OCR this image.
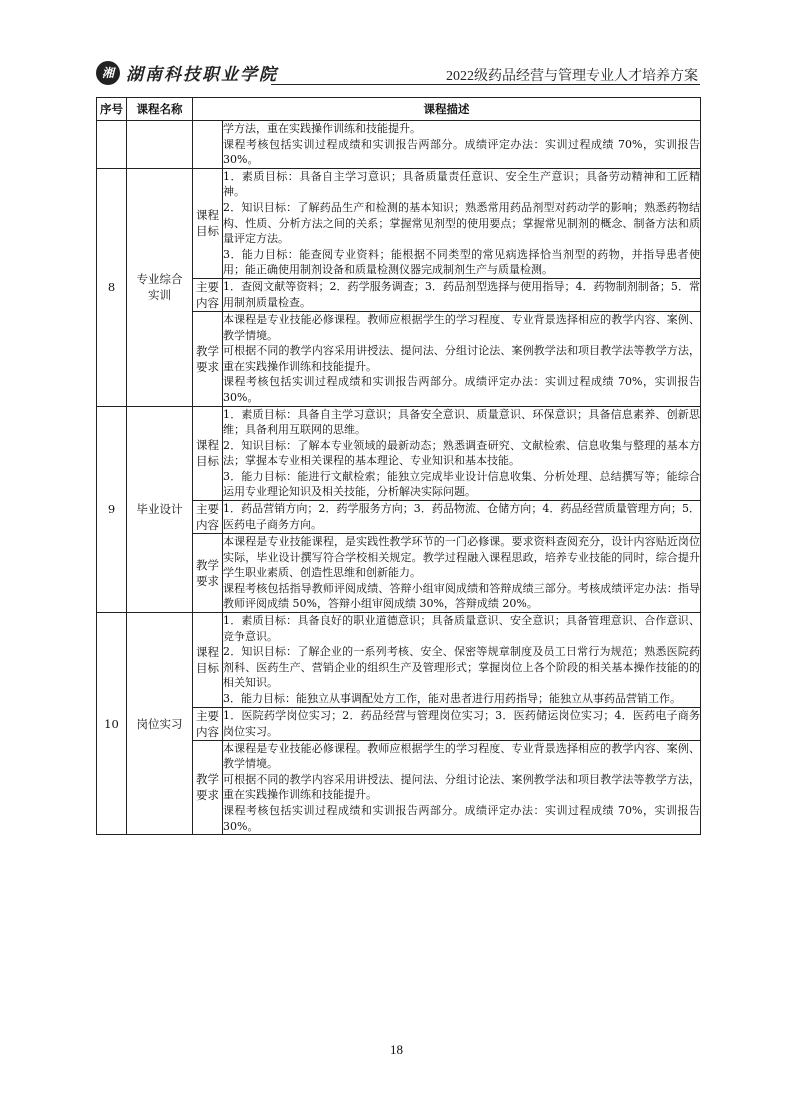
湘 湖南科技职业学院	2022级药品经营与管理专业人才培养方案
序号	课程名称	课程描述	

			学方法，重在实践操作训练和技能提升。

课程考核包括实训过程成绩和实训报告两部分。成绩评定办法：实训过程成绩 70%，实训报告 30%。

8	专业综合实训	课程目标	1．素质目标：具备自主学习意识；具备质量责任意识、安全生产意识；具备劳动精神和工匠精神。

2．知识目标：了解药品生产和检测的基本知识；熟悉常用药品剂型对药动学的影响；熟悉药物结构、性质、分析方法之间的关系；掌握常见剂型的使用要点；掌握常见制剂的概念、制备方法和质量评定方法。

3．能力目标：能查阅专业资料；能根据不同类型的常见病选择恰当剂型的药物，并指导患者使用；能正确使用制剂设备和质量检测仪器完成制剂生产与质量检测。

		主要内容	1．查阅文献等资料；2．药学服务调查；3．药品剂型选择与使用指导；4．药物制剂制备；5．常用制剂质量检查。

		教学要求	本课程是专业技能必修课程。教师应根据学生的学习程度、专业背景选择相应的教学内容、案例、教学情境。

可根据不同的教学内容采用讲授法、提问法、分组讨论法、案例教学法和项目教学法等教学方法，重在实践操作训练和技能提升。

课程考核包括实训过程成绩和实训报告两部分。成绩评定办法：实训过程成绩 70%，实训报告 30%。

9	毕业设计	课程目标	1．素质目标：具备自主学习意识；具备安全意识、质量意识、环保意识；具备信息素养、创新思维；具备利用互联网的思维。

2．知识目标：了解本专业领域的最新动态；熟悉调查研究、文献检索、信息收集与整理的基本方法；掌握本专业相关课程的基本理论、专业知识和基本技能。

3．能力目标：能进行文献检索；能独立完成毕业设计信息收集、分析处理、总结撰写等；能综合运用专业理论知识及相关技能，分析解决实际问题。

		主要内容	1．药品营销方向；2．药学服务方向；3．药品物流、仓储方向；4．药品经营质量管理方向；5．医药电子商务方向。

		教学要求	本课程是专业技能课程，是实践性教学环节的一门必修课。要求资料查阅充分，设计内容贴近岗位实际，毕业设计撰写符合学校相关规定。教学过程融入课程思政，培养专业技能的同时，综合提升学生职业素质、创造性思维和创新能力。

课程考核包括指导教师评阅成绩、答辩小组审阅成绩和答辩成绩三部分。考核成绩评定办法：指导教师评阅成绩 50%，答辩小组审阅成绩 30%，答辩成绩 20%。

10	岗位实习	课程目标	1．素质目标：具备良好的职业道德意识；具备质量意识、安全意识；具备管理意识、合作意识、竞争意识。

2．知识目标：了解企业的一系列考核、安全、保密等规章制度及员工日常行为规范；熟悉医院药剂科、医药生产、营销企业的组织生产及管理形式；掌握岗位上各个阶段的相关基本操作技能的的相关知识。

3．能力目标：能独立从事调配处方工作，能对患者进行用药指导；能独立从事药品营销工作。

		主要内容	1．医院药学岗位实习；2．药品经营与管理岗位实习；3．医药储运岗位实习；4．医药电子商务岗位实习。

		教学要求	本课程是专业技能必修课程。教师应根据学生的学习程度、专业背景选择相应的教学内容、案例、教学情境。

可根据不同的教学内容采用讲授法、提问法、分组讨论法、案例教学法和项目教学法等教学方法，重在实践操作训练和技能提升。

课程考核包括实训过程成绩和实训报告两部分。成绩评定办法：实训过程成绩 70%，实训报告 30%。

18
